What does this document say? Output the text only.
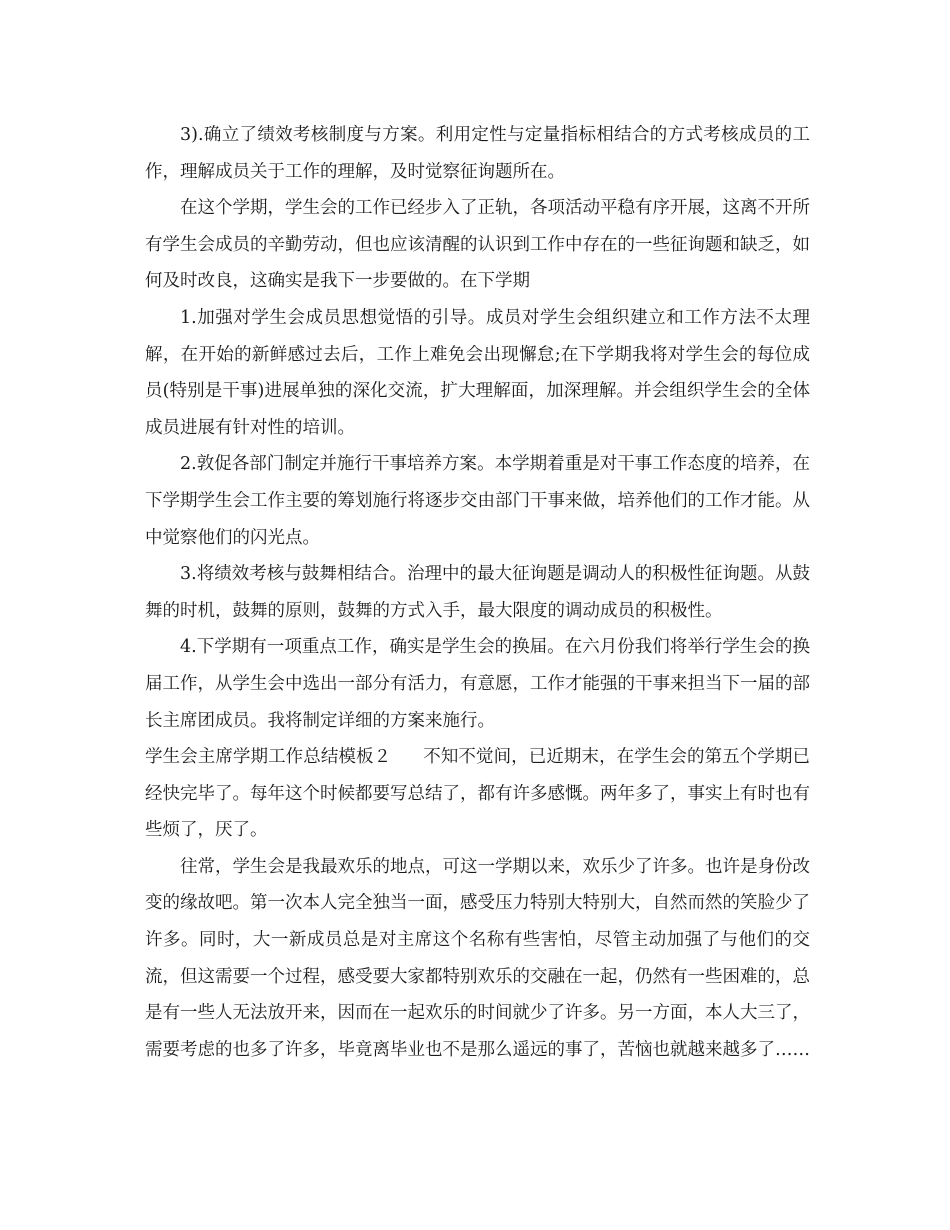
3).确立了绩效考核制度与方案。利用定性与定量指标相结合的方式考核成员的工作，理解成员关于工作的理解，及时觉察征询题所在。

在这个学期，学生会的工作已经步入了正轨，各项活动平稳有序开展，这离不开所有学生会成员的辛勤劳动，但也应该清醒的认识到工作中存在的一些征询题和缺乏，如何及时改良，这确实是我下一步要做的。在下学期

1.加强对学生会成员思想觉悟的引导。成员对学生会组织建立和工作方法不太理解，在开始的新鲜感过去后，工作上难免会出现懈怠;在下学期我将对学生会的每位成员(特别是干事)进展单独的深化交流，扩大理解面，加深理解。并会组织学生会的全体成员进展有针对性的培训。

2.敦促各部门制定并施行干事培养方案。本学期着重是对干事工作态度的培养，在下学期学生会工作主要的筹划施行将逐步交由部门干事来做，培养他们的工作才能。从中觉察他们的闪光点。

3.将绩效考核与鼓舞相结合。治理中的最大征询题是调动人的积极性征询题。从鼓舞的时机，鼓舞的原则，鼓舞的方式入手，最大限度的调动成员的积极性。

4.下学期有一项重点工作，确实是学生会的换届。在六月份我们将举行学生会的换届工作，从学生会中选出一部分有活力，有意愿，工作才能强的干事来担当下一届的部长主席团成员。我将制定详细的方案来施行。

学生会主席学期工作总结模板２ 不知不觉间，已近期末，在学生会的第五个学期已经快完毕了。每年这个时候都要写总结了，都有许多感慨。两年多了，事实上有时也有些烦了，厌了。

往常，学生会是我最欢乐的地点，可这一学期以来，欢乐少了许多。也许是身份改变的缘故吧。第一次本人完全独当一面，感受压力特别大特别大，自然而然的笑脸少了许多。同时，大一新成员总是对主席这个名称有些害怕，尽管主动加强了与他们的交流，但这需要一个过程，感受要大家都特别欢乐的交融在一起，仍然有一些困难的，总是有一些人无法放开来，因而在一起欢乐的时间就少了许多。另一方面，本人大三了，需要考虑的也多了许多，毕竟离毕业也不是那么遥远的事了，苦恼也就越来越多了……
